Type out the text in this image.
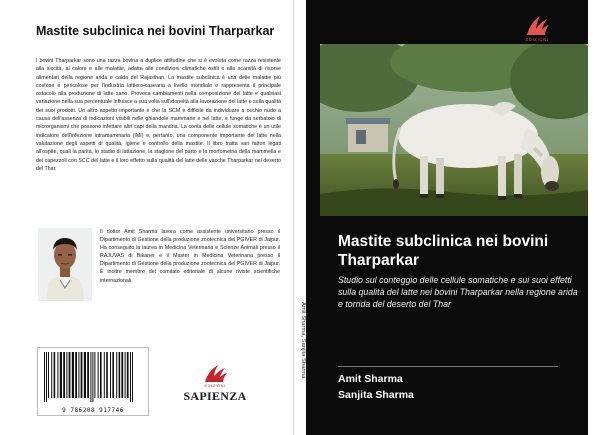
Mastite subclinica nei bovini Tharparkar
I bovini Tharparkar sono una razza bovina a duplice attitudine che si è evoluta come razza resistente alla siccità, al calore e alle malattie, adatta alle condizioni climatiche ostili e alla scarsità di risorse alimentari della regione arida e calda del Rajasthan. La mastite subclinica è una delle malattie più costose e pericolose per l'industria lattiero-casearia a livello mondiale e rappresenta il principale ostacolo alla produzione di latte sano. Provoca cambiamenti nella composizione del latte e qualsiasi variazione nella sua percentuale influisce a sua volta sull'idoneità alla lavorazione del latte e sulla qualità dei suoi prodotti. Un altro aspetto importante è che la SCM è difficile da individuare a occhio nudo a causa dell'assenza di indicazioni visibili nelle ghiandole mammarie e nel latte, e funge da serbatoio di microrganismi che possono infettare altri capi della mandria. La conta delle cellule somatiche è un utile indicatore dell'infezione intramammaria (IMI) e, pertanto, una componente importante del latte nella valutazione degli aspetti di qualità, igiene e controllo della mastite. Il libro tratta vari fattori legati all'ospite, quali la parità, lo stadio di lattazione, la stagione del parto e la morfometria della mammella e dei capezzoli con SCC del latte e il loro effetto sulla qualità del latte delle vacche Tharparkar nel deserto del Thar.
Il dottor Amit Sharma lavora come assistente universitario presso il Dipartimento di Gestione della produzione zootecnica del PGIVER di Jaipur. Ha conseguito la laurea in Medicina Veterinaria e Scienze Animali presso il RAJUVAS di Bikaner e il Master in Medicina Veterinaria presso il Dipartimento di Gestione della produzione zootecnica del PGIVER di Jaipur. È inoltre membro del comitato editoriale di alcune riviste scientifiche internazionali.
9 786208 917746
EDIZIONI
SAPIENZA
Amit Sharma, Sanjita Sharma
EDIZIONI
Mastite subclinica nei bovini Tharparkar
Studio sul conteggio delle cellule somatiche e sui suoi effetti sulla qualità del latte nei bovini Tharparkar nella regione arida e torrida del deserto del Thar
Amit Sharma
Sanjita Sharma
